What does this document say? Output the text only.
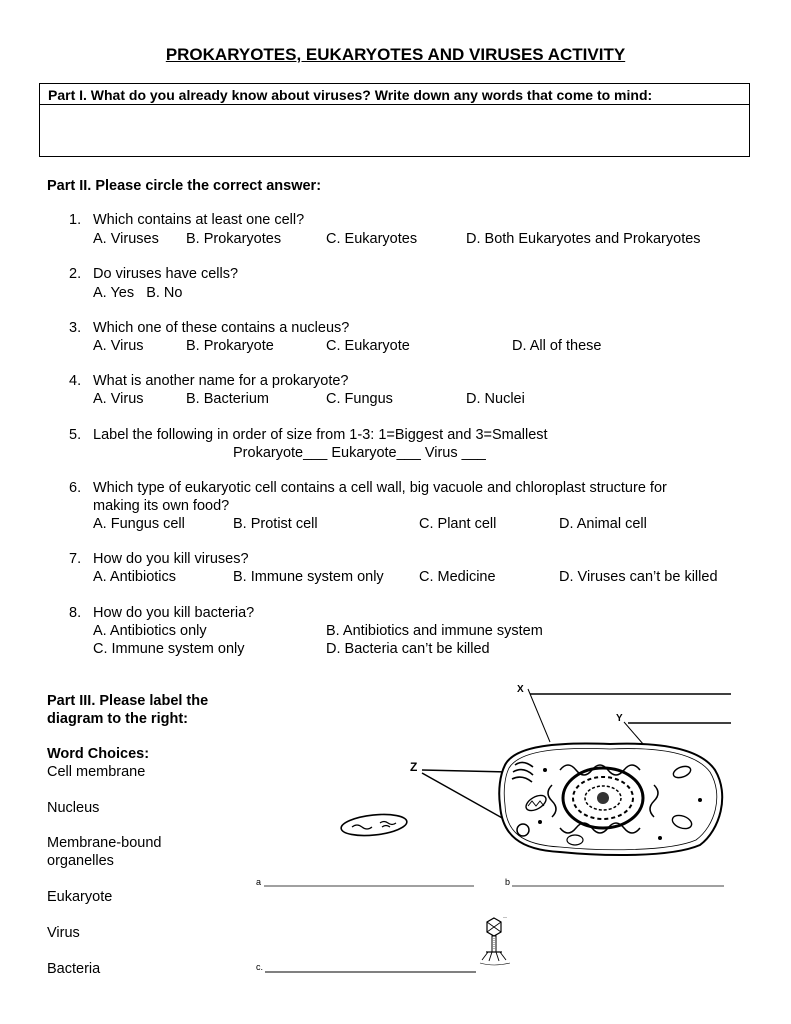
PROKARYOTES, EUKARYOTES AND VIRUSES ACTIVITY
Part I. What do you already know about viruses? Write down any words that come to mind:
Part II. Please circle the correct answer:
1. Which contains at least one cell?
A. Viruses B. Prokaryotes	C. Eukaryotes	D. Both Eukaryotes and Prokaryotes
2. Do viruses have cells?
A. Yes   B. No
3. Which one of these contains a nucleus?
A. Virus	B. Prokaryote	C. Eukaryote	D. All of these
4. What is another name for a prokaryote?
A. Virus	B. Bacterium	C. Fungus	D. Nuclei
5. Label the following in order of size from 1-3: 1=Biggest and 3=Smallest
Prokaryote___ Eukaryote___ Virus ___
6. Which type of eukaryotic cell contains a cell wall, big vacuole and chloroplast structure for
making its own food?
A. Fungus cell	B. Protist cell	C. Plant cell	D. Animal cell
7. How do you kill viruses?
A. Antibiotics	B. Immune system only C. Medicine	D. Viruses can’t be killed
8. How do you kill bacteria?
A. Antibiotics only	B. Antibiotics and immune system
C. Immune system only	D. Bacteria can’t be killed
Part III. Please label the
diagram to the right:
Word Choices:
Cell membrane
Nucleus
Membrane-bound
organelles
Eukaryote
Virus
Bacteria
X
Y
Z
a	b
—
c.
